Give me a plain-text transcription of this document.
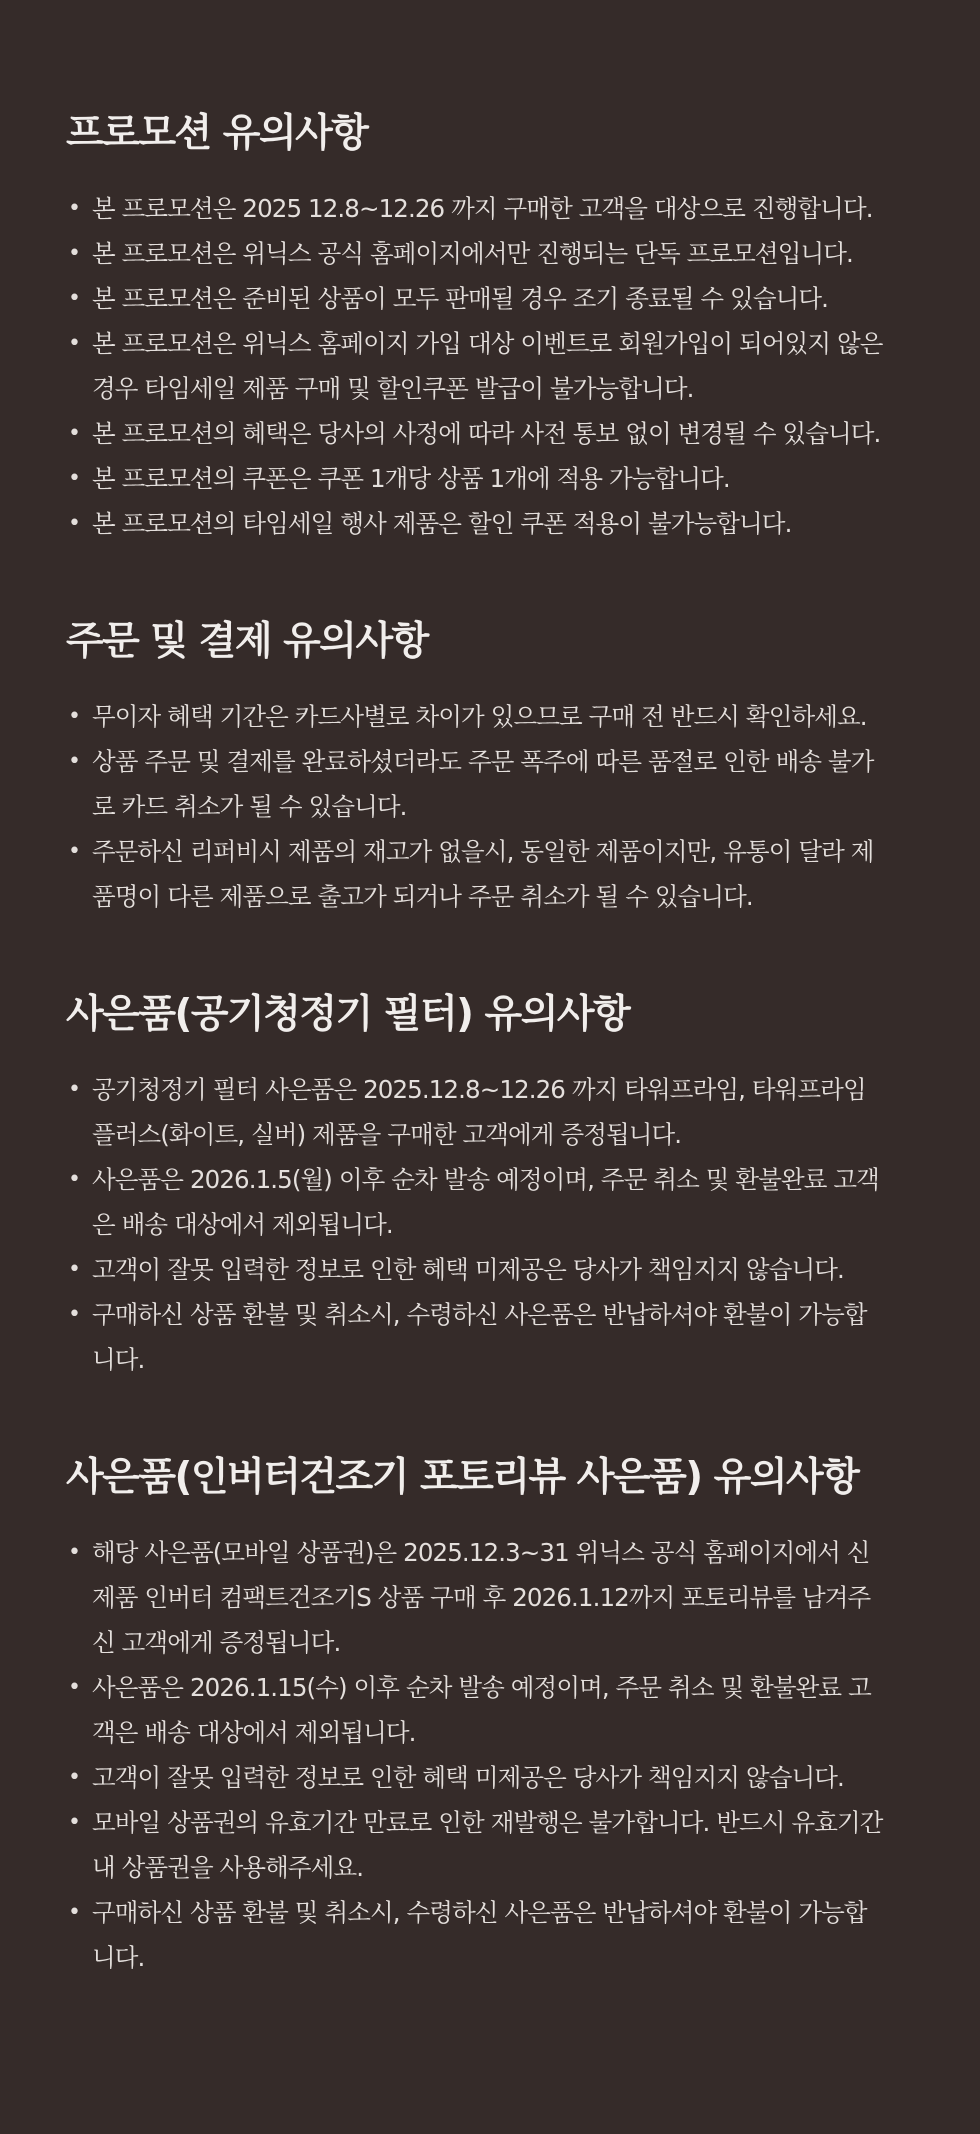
프로모션 유의사항
• 본 프로모션은 2025 12.8~12.26 까지 구매한 고객을 대상으로 진행합니다.
• 본 프로모션은 위닉스 공식 홈페이지에서만 진행되는 단독 프로모션입니다.
• 본 프로모션은 준비된 상품이 모두 판매될 경우 조기 종료될 수 있습니다.
• 본 프로모션은 위닉스 홈페이지 가입 대상 이벤트로 회원가입이 되어있지 않은
경우 타임세일 제품 구매 및 할인쿠폰 발급이 불가능합니다.
• 본 프로모션의 혜택은 당사의 사정에 따라 사전 통보 없이 변경될 수 있습니다.
• 본 프로모션의 쿠폰은 쿠폰 1개당 상품 1개에 적용 가능합니다.
• 본 프로모션의 타임세일 행사 제품은 할인 쿠폰 적용이 불가능합니다.
주문 및 결제 유의사항
• 무이자 혜택 기간은 카드사별로 차이가 있으므로 구매 전 반드시 확인하세요.
• 상품 주문 및 결제를 완료하셨더라도 주문 폭주에 따른 품절로 인한 배송 불가
로 카드 취소가 될 수 있습니다.
• 주문하신 리퍼비시 제품의 재고가 없을시, 동일한 제품이지만, 유통이 달라 제
품명이 다른 제품으로 출고가 되거나 주문 취소가 될 수 있습니다.
사은품(공기청정기 필터) 유의사항
• 공기청정기 필터 사은품은 2025.12.8~12.26 까지 타워프라임, 타워프라임
플러스(화이트, 실버) 제품을 구매한 고객에게 증정됩니다.
• 사은품은 2026.1.5(월) 이후 순차 발송 예정이며, 주문 취소 및 환불완료 고객
은 배송 대상에서 제외됩니다.
• 고객이 잘못 입력한 정보로 인한 혜택 미제공은 당사가 책임지지 않습니다.
• 구매하신 상품 환불 및 취소시, 수령하신 사은품은 반납하셔야 환불이 가능합
니다.
사은품(인버터건조기 포토리뷰 사은품) 유의사항
• 해당 사은품(모바일 상품권)은 2025.12.3~31 위닉스 공식 홈페이지에서 신
제품 인버터 컴팩트건조기S 상품 구매 후 2026.1.12까지 포토리뷰를 남겨주
신 고객에게 증정됩니다.
• 사은품은 2026.1.15(수) 이후 순차 발송 예정이며, 주문 취소 및 환불완료 고
객은 배송 대상에서 제외됩니다.
• 고객이 잘못 입력한 정보로 인한 혜택 미제공은 당사가 책임지지 않습니다.
• 모바일 상품권의 유효기간 만료로 인한 재발행은 불가합니다. 반드시 유효기간
내 상품권을 사용해주세요.
• 구매하신 상품 환불 및 취소시, 수령하신 사은품은 반납하셔야 환불이 가능합
니다.
